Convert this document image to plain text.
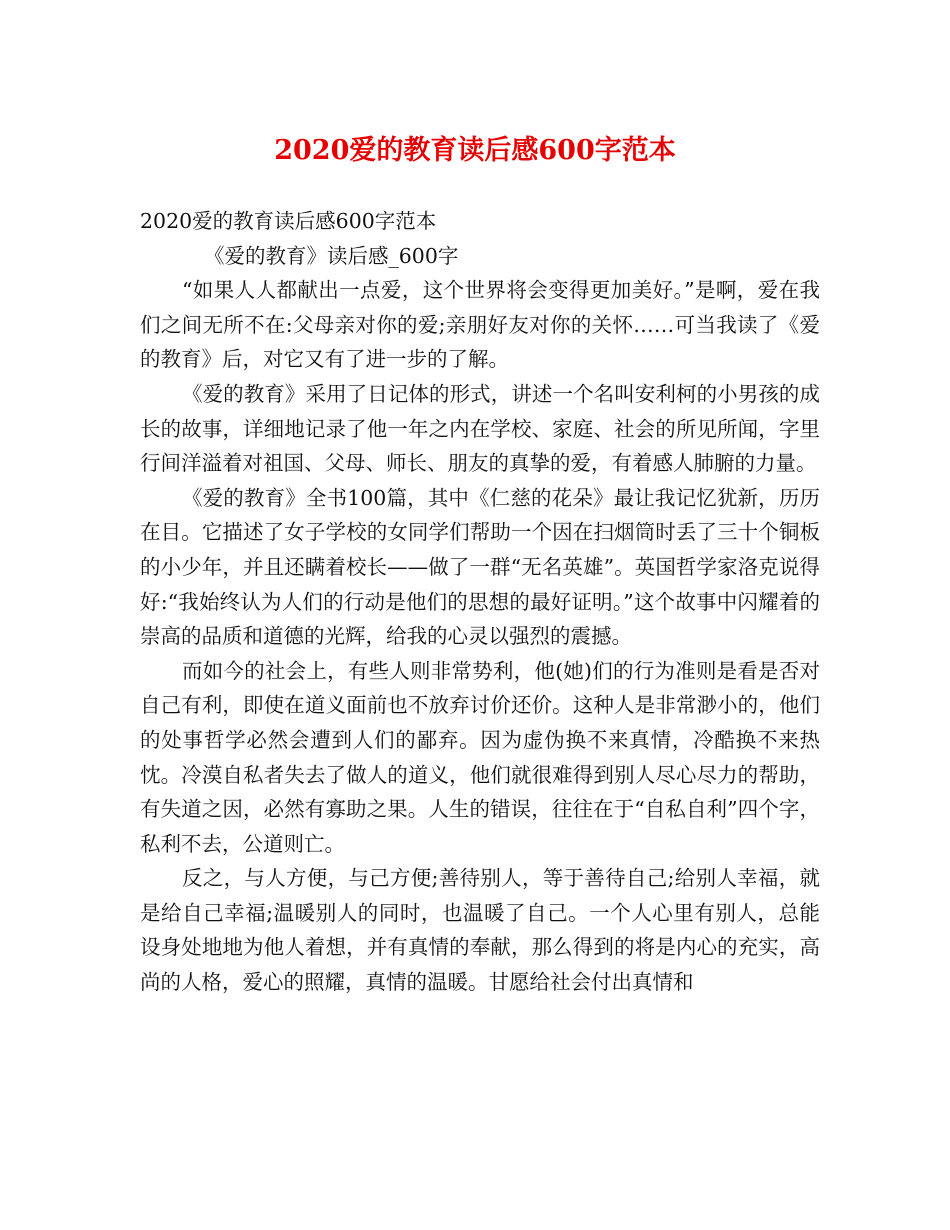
2020爱的教育读后感600字范本

2020爱的教育读后感600字范本

《爱的教育》读后感_600字

“如果人人都献出一点爱，这个世界将会变得更加美好。”是啊，爱在我们之间无所不在:父母亲对你的爱;亲朋好友对你的关怀……可当我读了《爱的教育》后，对它又有了进一步的了解。

《爱的教育》采用了日记体的形式，讲述一个名叫安利柯的小男孩的成长的故事，详细地记录了他一年之内在学校、家庭、社会的所见所闻，字里行间洋溢着对祖国、父母、师长、朋友的真挚的爱，有着感人肺腑的力量。

《爱的教育》全书100篇，其中《仁慈的花朵》最让我记忆犹新，历历在目。它描述了女子学校的女同学们帮助一个因在扫烟筒时丢了三十个铜板的小少年，并且还瞒着校长——做了一群“无名英雄”。英国哲学家洛克说得好:“我始终认为人们的行动是他们的思想的最好证明。”这个故事中闪耀着的崇高的品质和道德的光辉，给我的心灵以强烈的震撼。

而如今的社会上，有些人则非常势利，他(她)们的行为准则是看是否对自己有利，即使在道义面前也不放弃讨价还价。这种人是非常渺小的，他们的处事哲学必然会遭到人们的鄙弃。因为虚伪换不来真情，冷酷换不来热忱。冷漠自私者失去了做人的道义，他们就很难得到别人尽心尽力的帮助，有失道之因，必然有寡助之果。人生的错误，往往在于“自私自利”四个字，私利不去，公道则亡。

反之，与人方便，与己方便;善待别人，等于善待自己;给别人幸福，就是给自己幸福;温暖别人的同时，也温暖了自己。一个人心里有别人，总能设身处地地为他人着想，并有真情的奉献，那么得到的将是内心的充实，高尚的人格，爱心的照耀，真情的温暖。甘愿给社会付出真情和
